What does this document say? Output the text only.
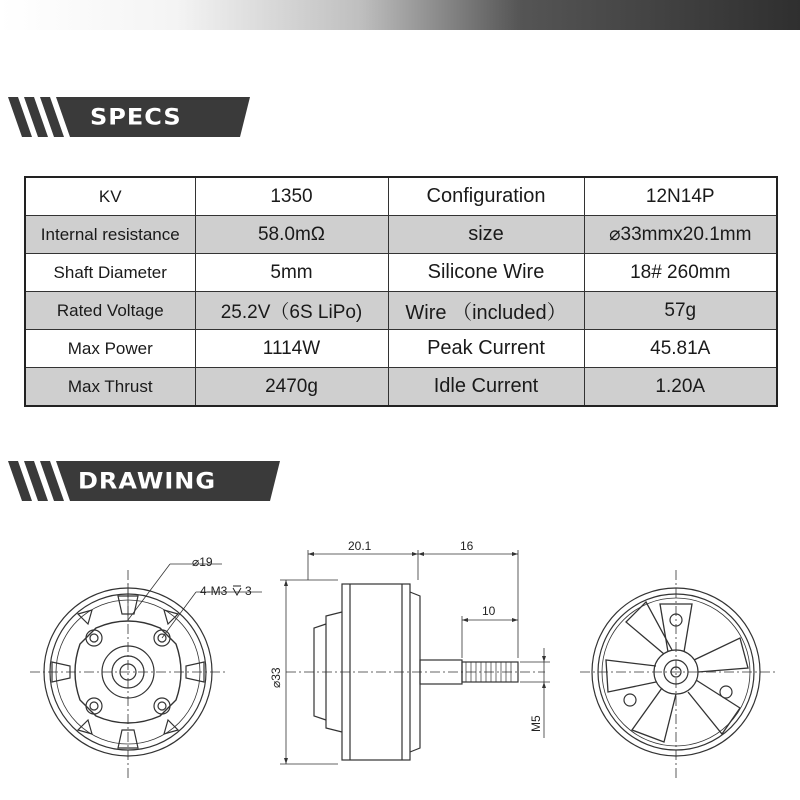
SPECS
KV	1350	Configuration	12N14P
Internal resistance	58.0mΩ	size	⌀33mmx20.1mm
Shaft Diameter	5mm	Silicone Wire	18# 260mm
Rated Voltage	25.2V（6S LiPo)	Wire （included）	57g
Max Power	1114W	Peak Current	45.81A
Max Thrust	2470g	Idle Current	1.20A
DRAWING
⌀19
4-M3 3
20.1	16
10
⌀33
M5
